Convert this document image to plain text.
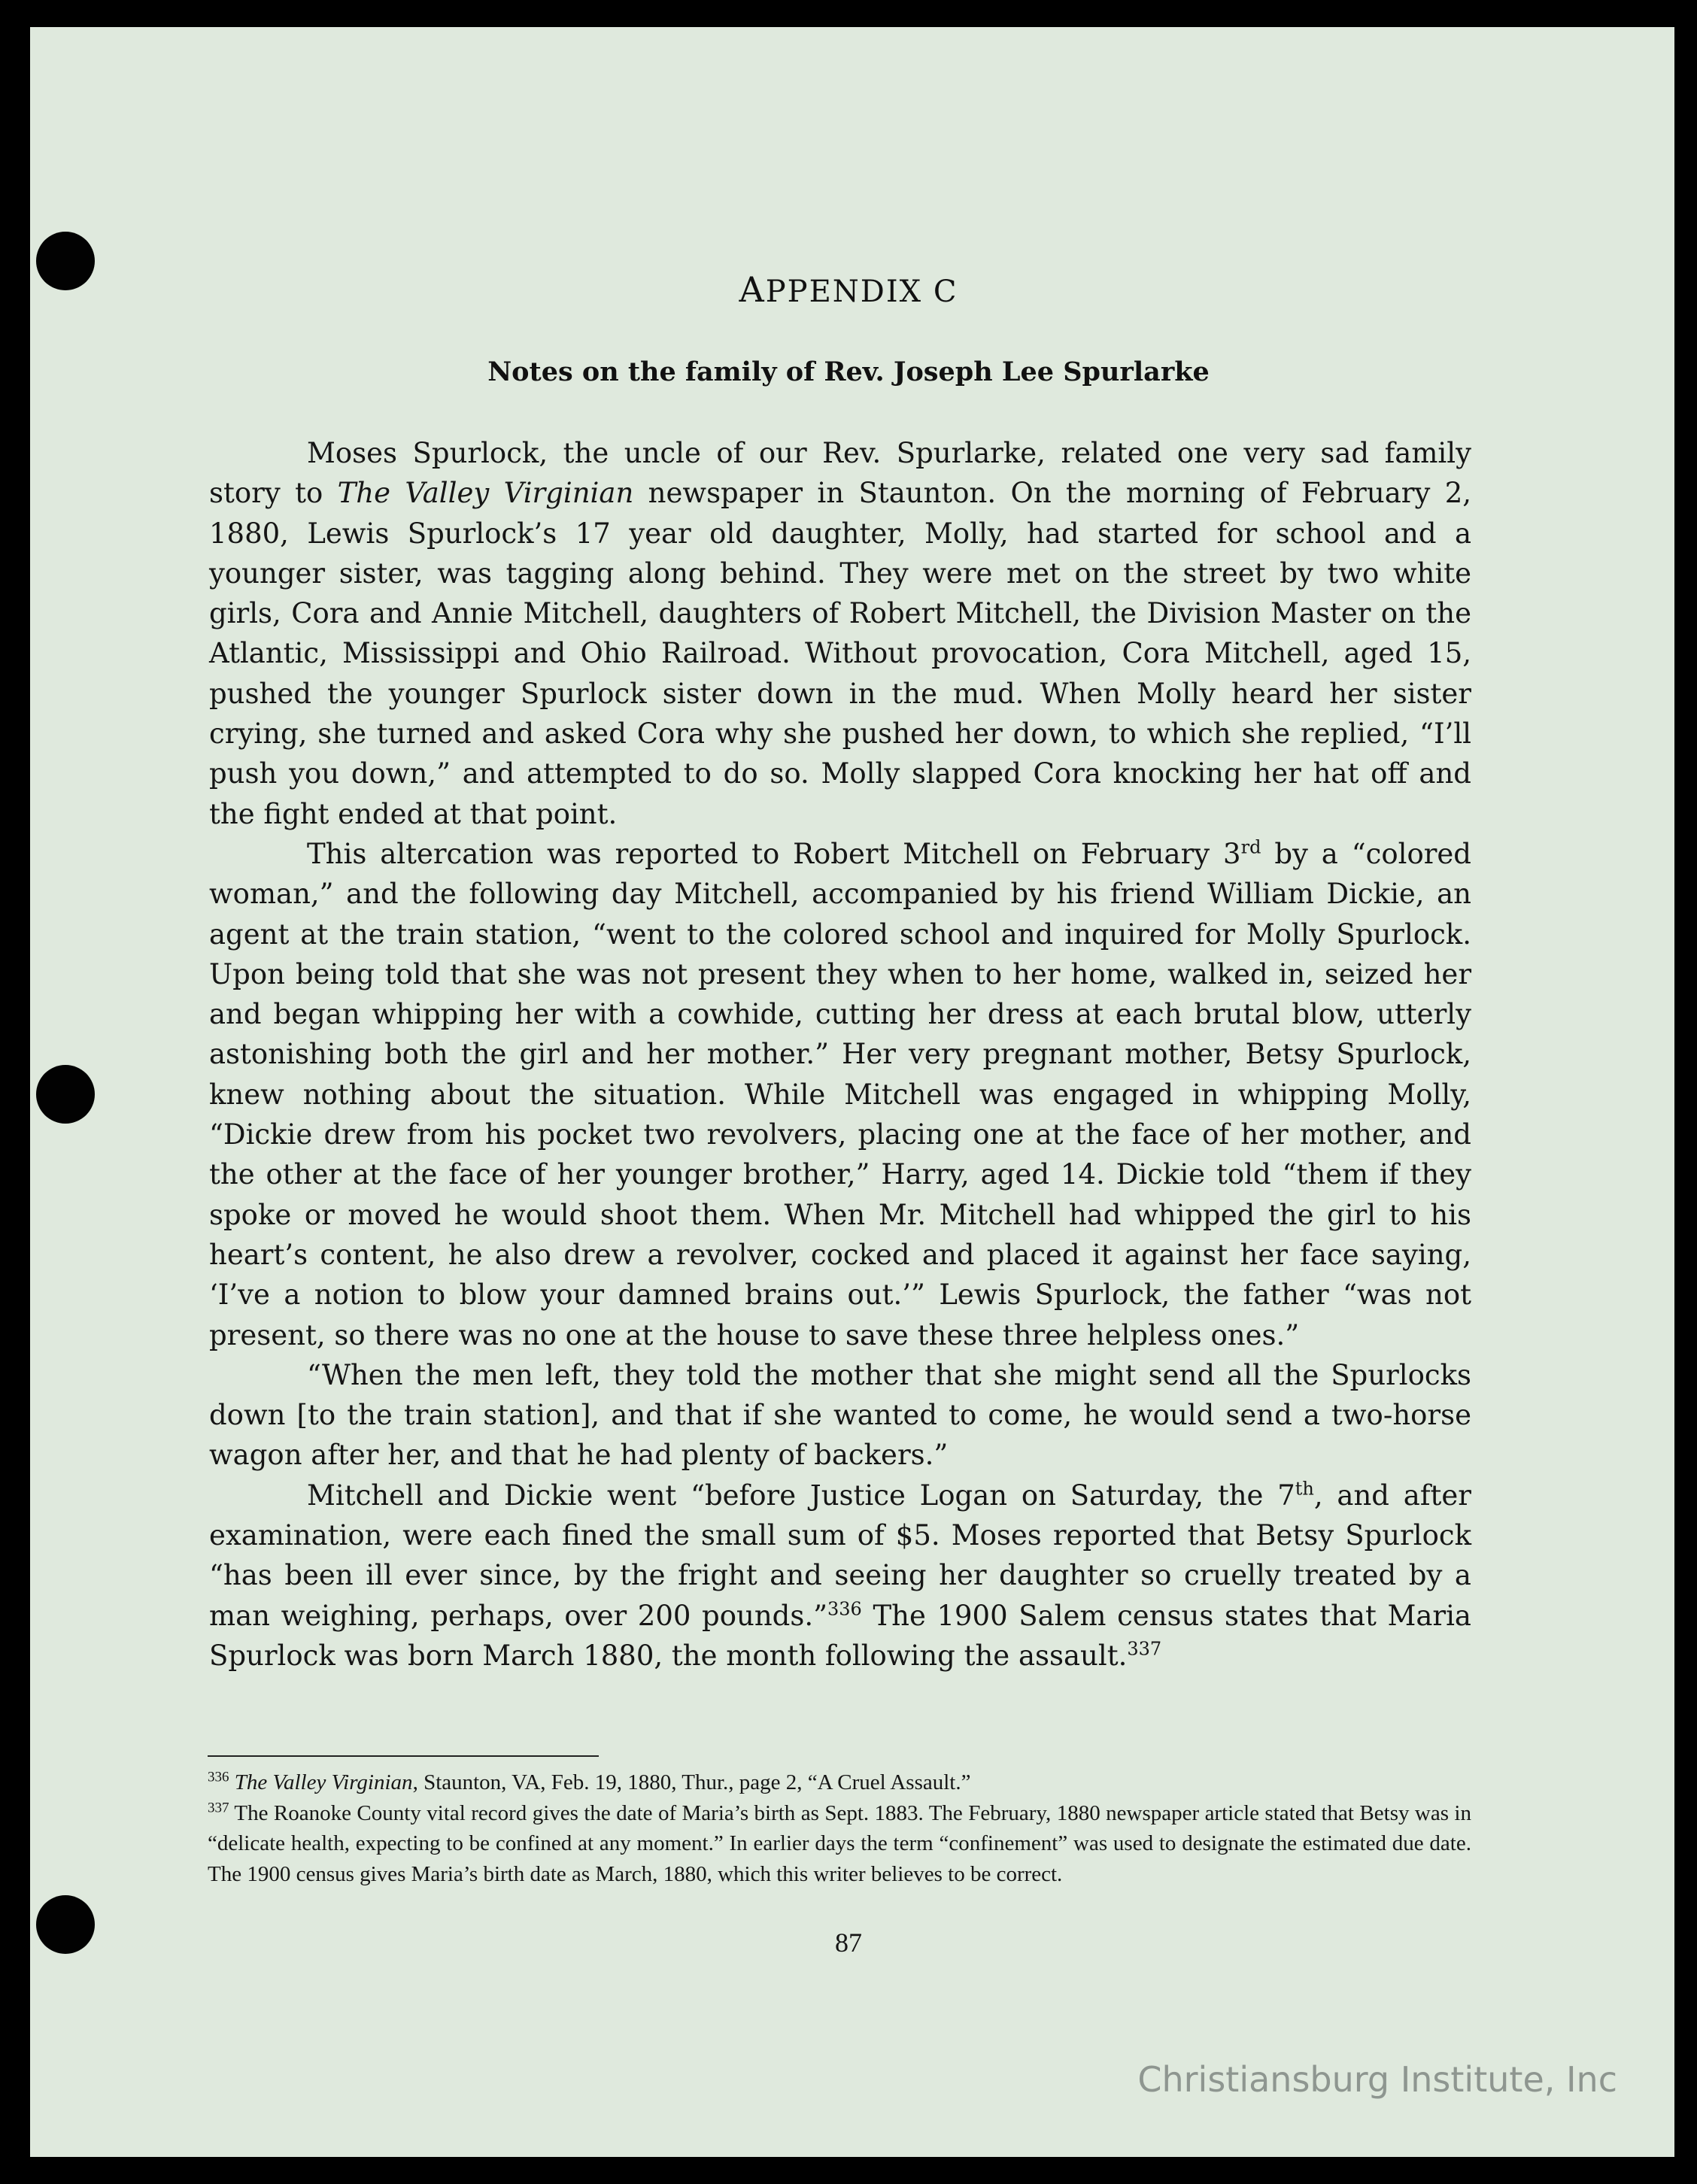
APPENDIX C
Notes on the family of Rev. Joseph Lee Spurlarke

Moses Spurlock, the uncle of our Rev. Spurlarke, related one very sad family story to The Valley Virginian newspaper in Staunton. On the morning of February 2, 1880, Lewis Spurlock’s 17 year old daughter, Molly, had started for school and a younger sister, was tagging along behind. They were met on the street by two white girls, Cora and Annie Mitchell, daughters of Robert Mitchell, the Division Master on the Atlantic, Mississippi and Ohio Railroad. Without provocation, Cora Mitchell, aged 15, pushed the younger Spurlock sister down in the mud. When Molly heard her sister crying, she turned and asked Cora why she pushed her down, to which she replied, “I’ll push you down,” and attempted to do so. Molly slapped Cora knocking her hat off and the fight ended at that point.

This altercation was reported to Robert Mitchell on February 3rd by a “colored woman,” and the following day Mitchell, accompanied by his friend William Dickie, an agent at the train station, “went to the colored school and inquired for Molly Spurlock. Upon being told that she was not present they when to her home, walked in, seized her and began whipping her with a cowhide, cutting her dress at each brutal blow, utterly astonishing both the girl and her mother.” Her very pregnant mother, Betsy Spurlock, knew nothing about the situation. While Mitchell was engaged in whipping Molly, “Dickie drew from his pocket two revolvers, placing one at the face of her mother, and the other at the face of her younger brother,” Harry, aged 14. Dickie told “them if they spoke or moved he would shoot them. When Mr. Mitchell had whipped the girl to his heart’s content, he also drew a revolver, cocked and placed it against her face saying, ‘I’ve a notion to blow your damned brains out.’” Lewis Spurlock, the father “was not present, so there was no one at the house to save these three helpless ones.”

“When the men left, they told the mother that she might send all the Spurlocks down [to the train station], and that if she wanted to come, he would send a two-horse wagon after her, and that he had plenty of backers.”

Mitchell and Dickie went “before Justice Logan on Saturday, the 7th, and after examination, were each fined the small sum of $5. Moses reported that Betsy Spurlock “has been ill ever since, by the fright and seeing her daughter so cruelly treated by a man weighing, perhaps, over 200 pounds.”$^{336}$ The 1900 Salem census states that Maria Spurlock was born March 1880, the month following the assault.$^{337}$

$^{336}$ The Valley Virginian, Staunton, VA, Feb. 19, 1880, Thur., page 2, “A Cruel Assault.”

$^{337}$ The Roanoke County vital record gives the date of Maria’s birth as Sept. 1883. The February, 1880 newspaper article stated that Betsy was in “delicate health, expecting to be confined at any moment.” In earlier days the term “confinement” was used to designate the estimated due date. The 1900 census gives Maria’s birth date as March, 1880, which this writer believes to be correct.

87
Christiansburg Institute, Inc
